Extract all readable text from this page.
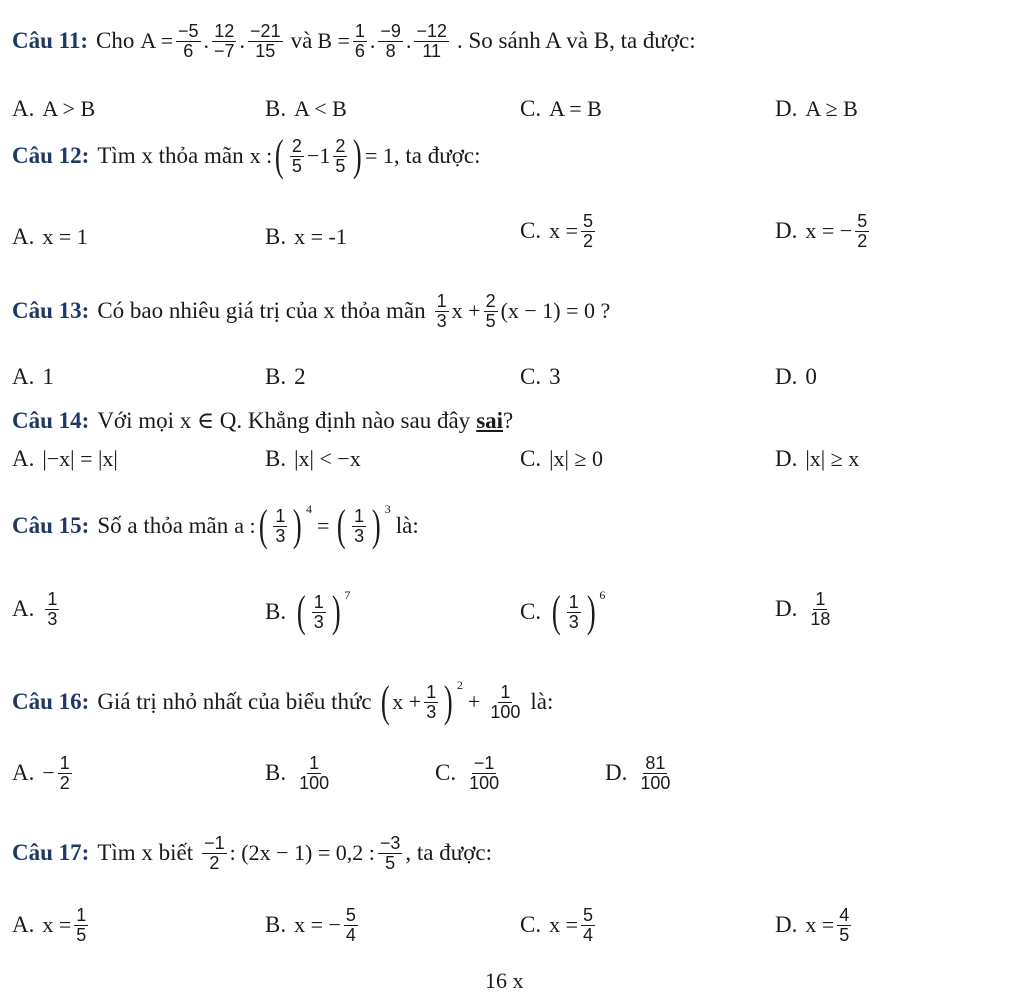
Câu 11: Cho $A = \frac{-5}{6}$ . $\frac{12}{-7}$ . $\frac{-21}{15}$ và $B = \frac{1}{6}$ . $\frac{-9}{8}$ . $\frac{-12}{11}$ . So sánh A và B, ta được:
A. A > B	B. A < B	C. A = B	D. A ≥ B
Câu 12: Tìm x thỏa mãn x : ( $\frac{2}{5} - 1 \frac{2}{5}$ ) = 1 , ta được:
A. x = 1	B. x = -1	C. $x = \frac{5}{2}$	D. x = − $\frac{5}{2}$
Câu 13: Có bao nhiêu giá trị của x thỏa mãn $\frac{1}{3}$ $x + \frac{2}{5} (x - 1) = 0$ ?
A. 1	B. 2	C. 3	D. 0
Câu 14: Với mọi x ∈ Q. Khẳng định nào sau đây sai ?
A. |−x| = |x|	B. |x| < −x	C. |x| ≥ 0	D. |x| ≥ x
Câu 15: Số a thỏa mãn a : ( $\frac{1}{3}$ ) 4
= ( $\frac{1}{3}$ ) 3
là:
A. $\frac{1}{3}$	B. ( $\frac{1}{3}$ ) 7
C. ( $\frac{1}{3}$ ) 6
D. $\frac{1}{18}$
Câu 16: Giá trị nhỏ nhất của biểu thức ( $x + \frac{1}{3}$ ) 2
+ $\frac{1}{100}$ là:
A. − $\frac{1}{2}$	B. $\frac{1}{100}$	C. $\frac{-1}{100}$	D. $\frac{81}{100}$
Câu 17: Tìm x biết $\frac{-1}{2}$ : (2x − 1) = 0,2 : $\frac{-3}{5}$ , ta được:
A. $x = \frac{1}{5}$	B. x = − $\frac{5}{4}$	C. $x = \frac{5}{4}$	D. $x = \frac{4}{5}$
16 x
